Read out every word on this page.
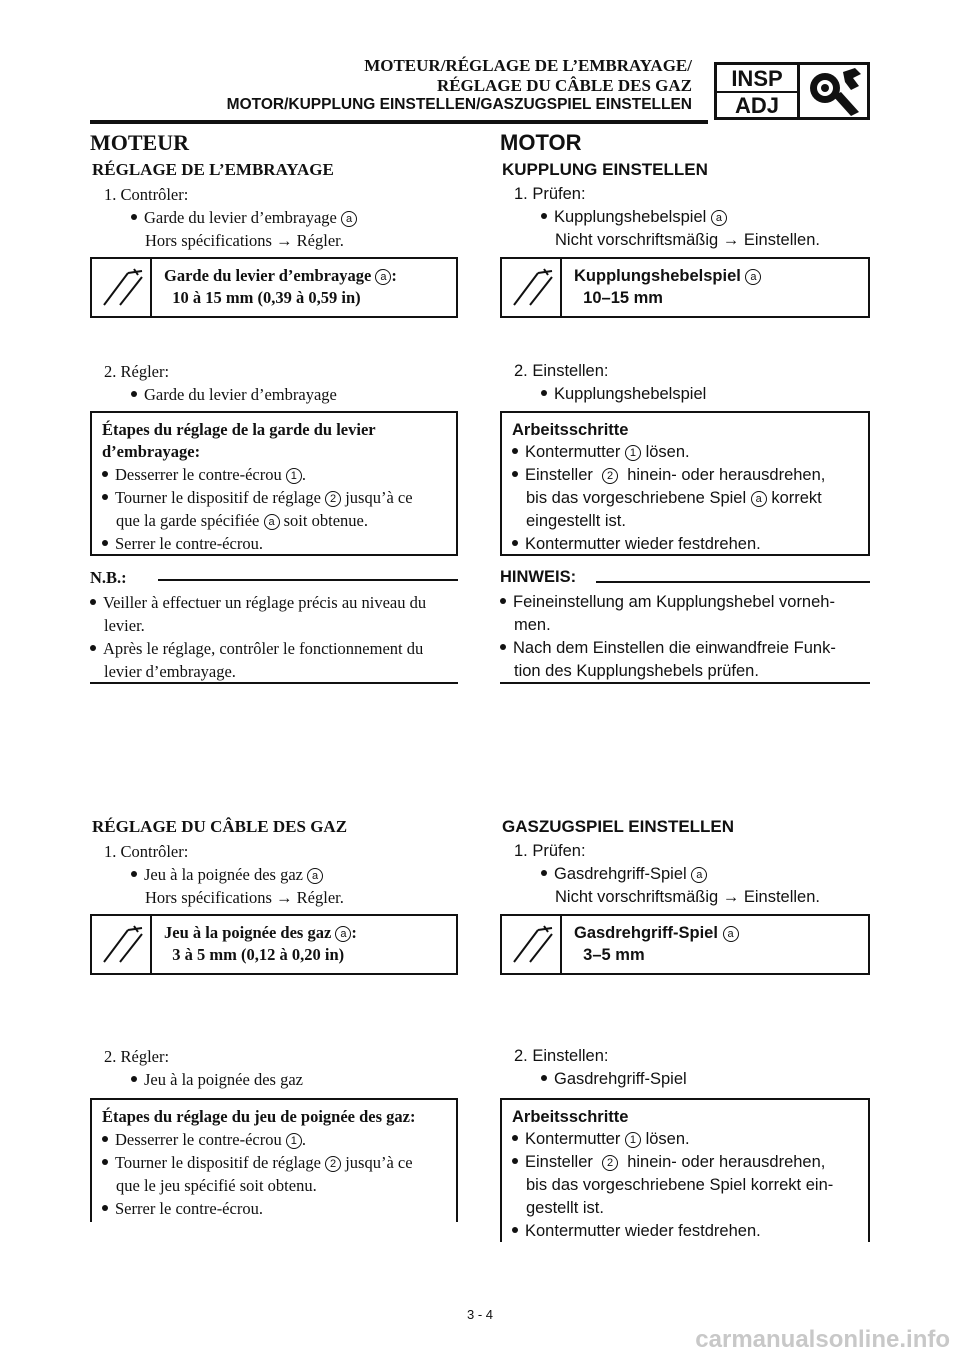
MOTEUR/RÉGLAGE DE L’EMBRAYAGE/
RÉGLAGE DU CÂBLE DES GAZ
MOTOR/KUPPLUNG EINSTELLEN/GASZUGSPIEL EINSTELLEN
INSP
ADJ
MOTEUR
RÉGLAGE DE L’EMBRAYAGE
1. Contrôler:
Garde du levier d’embrayage a
Hors spécifications → Régler.
Garde du levier d’embrayage a :
10 à 15 mm (0,39 à 0,59 in)
2. Régler:
Garde du levier d’embrayage
Étapes du réglage de la garde du levier
d’embrayage:
Desserrer le contre-écrou 1 .
Tourner le dispositif de réglage 2 jusqu’à ce
que la garde spécifiée a soit obtenue.
Serrer le contre-écrou.
N.B.:
Veiller à effectuer un réglage précis au niveau du
levier.
Après le réglage, contrôler le fonctionnement du
levier d’embrayage.
RÉGLAGE DU CÂBLE DES GAZ
1. Contrôler:
Jeu à la poignée des gaz a
Hors spécifications → Régler.
Jeu à la poignée des gaz a :
3 à 5 mm (0,12 à 0,20 in)
2. Régler:
Jeu à la poignée des gaz
Étapes du réglage du jeu de poignée des gaz:
Desserrer le contre-écrou 1 .
Tourner le dispositif de réglage 2 jusqu’à ce
que le jeu spécifié soit obtenu.
Serrer le contre-écrou.
MOTOR
KUPPLUNG EINSTELLEN
1. Prüfen:
Kupplungshebelspiel a
Nicht vorschriftsmäßig → Einstellen.
Kupplungshebelspiel a
10–15 mm
2. Einstellen:
Kupplungshebelspiel
Arbeitsschritte
Kontermutter 1 lösen.
Einsteller 2 hinein- oder herausdrehen,
bis das vorgeschriebene Spiel a korrekt
eingestellt ist.
Kontermutter wieder festdrehen.
HINWEIS:
Feineinstellung am Kupplungshebel vorneh-
men.
Nach dem Einstellen die einwandfreie Funk-
tion des Kupplungshebels prüfen.
GASZUGSPIEL EINSTELLEN
1. Prüfen:
Gasdrehgriff-Spiel a
Nicht vorschriftsmäßig → Einstellen.
Gasdrehgriff-Spiel a
3–5 mm
2. Einstellen:
Gasdrehgriff-Spiel
Arbeitsschritte
Kontermutter 1 lösen.
Einsteller 2 hinein- oder herausdrehen,
bis das vorgeschriebene Spiel korrekt ein-
gestellt ist.
Kontermutter wieder festdrehen.
3 - 4
carmanualsonline.info
